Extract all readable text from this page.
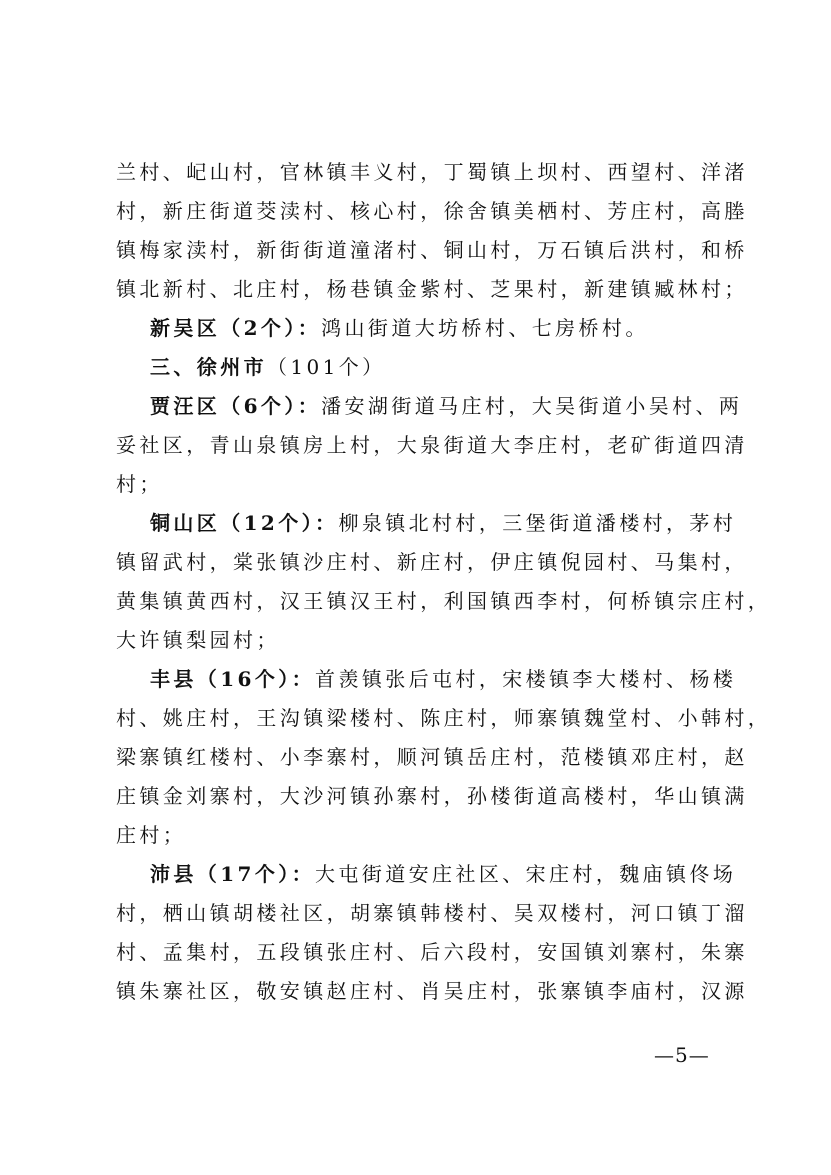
兰村、屺山村，官林镇丰义村，丁蜀镇上坝村、西望村、洋渚
村，新庄街道茭渎村、核心村，徐舍镇美栖村、芳庄村，高塍
镇梅家渎村，新街街道潼渚村、铜山村，万石镇后洪村，和桥
镇北新村、北庄村，杨巷镇金紫村、芝果村，新建镇臧林村；
新吴区（2个）：鸿山街道大坊桥村、七房桥村。
三、徐州市（101个）
贾汪区（6个）：潘安湖街道马庄村，大吴街道小吴村、两
妥社区，青山泉镇房上村，大泉街道大李庄村，老矿街道四清
村；
铜山区（12个）：柳泉镇北村村，三堡街道潘楼村，茅村
镇留武村，棠张镇沙庄村、新庄村，伊庄镇倪园村、马集村，
黄集镇黄西村，汉王镇汉王村，利国镇西李村，何桥镇宗庄村，
大许镇梨园村；
丰县（16个）：首羡镇张后屯村，宋楼镇李大楼村、杨楼
村、姚庄村，王沟镇梁楼村、陈庄村，师寨镇魏堂村、小韩村，
梁寨镇红楼村、小李寨村，顺河镇岳庄村，范楼镇邓庄村，赵
庄镇金刘寨村，大沙河镇孙寨村，孙楼街道高楼村，华山镇满
庄村；
沛县（17个）：大屯街道安庄社区、宋庄村，魏庙镇佟场
村，栖山镇胡楼社区，胡寨镇韩楼村、吴双楼村，河口镇丁溜
村、孟集村，五段镇张庄村、后六段村，安国镇刘寨村，朱寨
镇朱寨社区，敬安镇赵庄村、肖吴庄村，张寨镇李庙村，汉源
—5—
